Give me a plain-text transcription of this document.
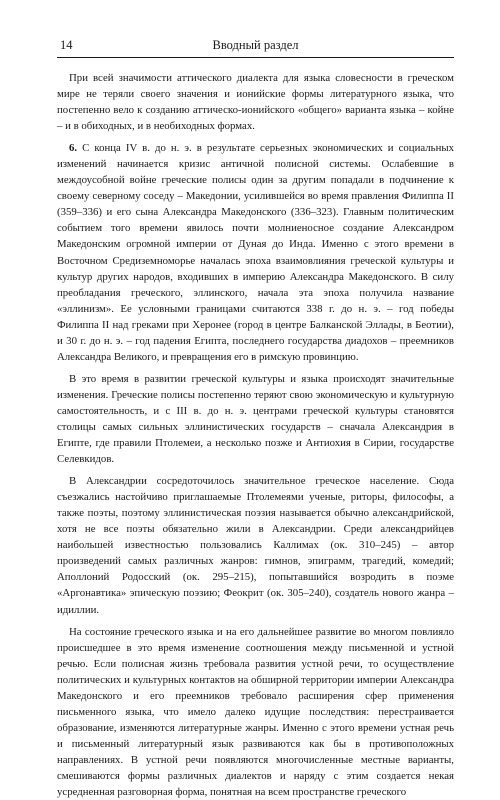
14	Вводный раздел

При всей значимости аттического диалекта для языка словесности в греческом мире не теряли своего значения и ионийские формы литературного языка, что постепенно вело к созданию аттическо-ионийского «общего» варианта языка – койне – и в обиходных, и в необиходных формах.

6. С конца IV в. до н. э. в результате серьезных экономических и социальных изменений начинается кризис античной полисной системы. Ослабевшие в междоусобной войне греческие полисы один за другим попадали в подчинение к своему северному соседу – Македонии, усилившейся во время правления Филиппа II (359–336) и его сына Александра Македонского (336–323). Главным политическим событием того времени явилось почти молниеносное создание Александром Македонским огромной империи от Дуная до Инда. Именно с этого времени в Восточном Средиземноморье началась эпоха взаимовлияния греческой культуры и культур других народов, входивших в империю Александра Македонского. В силу преобладания греческого, эллинского, начала эта эпоха получила название «эллинизм». Ее условными границами считаются 338 г. до н. э. – год победы Филиппа II над греками при Херонее (город в центре Балканской Эллады, в Беотии), и 30 г. до н. э. – год падения Египта, последнего государства диадохов – преемников Александра Великого, и превращения его в римскую провинцию.

В это время в развитии греческой культуры и языка происходят значительные изменения. Греческие полисы постепенно теряют свою экономическую и культурную самостоятельность, и с III в. до н. э. центрами греческой культуры становятся столицы самых сильных эллинистических государств – сначала Александрия в Египте, где правили Птолемеи, а несколько позже и Антиохия в Сирии, государстве Селевкидов.

В Александрии сосредоточилось значительное греческое население. Сюда съезжались настойчиво приглашаемые Птолемеями ученые, риторы, философы, а также поэты, поэтому эллинистическая поэзия называется обычно александрийской, хотя не все поэты обязательно жили в Александрии. Среди александрийцев наибольшей известностью пользовались Каллимах (ок. 310–245) – автор произведений самых различных жанров: гимнов, эпиграмм, трагедий, комедий; Аполлоний Родосский (ок. 295–215), попытавшийся возродить в поэме «Аргонавтика» эпическую поэзию; Феокрит (ок. 305–240), создатель нового жанра – идиллии.

На состояние греческого языка и на его дальнейшее развитие во многом повлияло происшедшее в это время изменение соотношения между письменной и устной речью. Если полисная жизнь требовала развития устной речи, то осуществление политических и культурных контактов на обширной территории империи Александра Македонского и его преемников требовало расширения сфер применения письменного языка, что имело далеко идущие последствия: перестраивается образование, изменяются литературные жанры. Именно с этого времени устная речь и письменный литературный язык развиваются как бы в противоположных направлениях. В устной речи появляются многочисленные местные варианты, смешиваются формы различных диалектов и наряду с этим создается некая усредненная разговорная форма, понятная на всем пространстве греческого
